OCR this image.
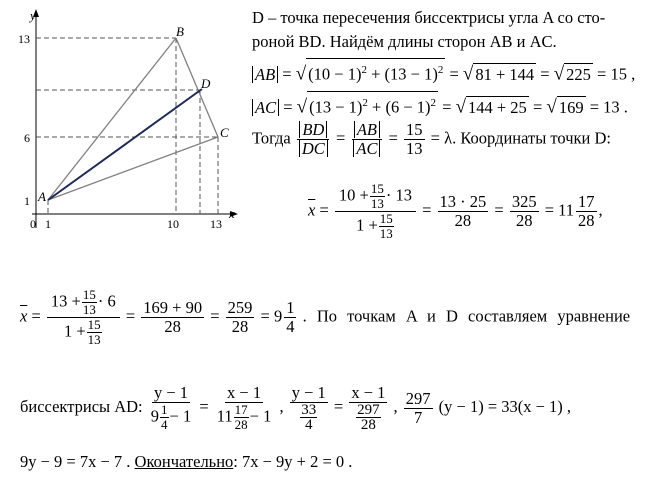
y
x
0
13
6
1
1	10	13
A
B
C
D
D – точка пересечения биссектрисы угла A со сто-
роной BD. Найдём длины сторон AB и AC.
AB = √ $(10 - 1)^2 + (13 - 1)^2$ = √ 81 + 144 = √ 225 = 15 ,
AC = √ $(13 - 1)^2 + (6 - 1)^2$ = √ 144 + 25 = √ 169 = 13 .
Тогда $\frac{BD}{DC} = \frac{AB}{AC} = \frac{15}{13} = \lambda$. Координаты точки D:
$\overline{x} = \frac{10 + \frac{15}{13} \cdot 13}{1 + \frac{15}{13}} = \frac{13 \cdot 25}{28} = \frac{325}{28} = 11 \frac{17}{28}$ ,
$\overline{x} = \frac{13 + \frac{15}{13} \cdot 6}{1 + \frac{15}{13}} = \frac{169 + 90}{28} = \frac{259}{28} = 9 \frac{1}{4}$ . По точкам A и D составляем уравнение
биссектрисы AD: $\frac{y - 1}{9 \frac{1}{4} - 1} = \frac{x - 1}{11 \frac{17}{28} - 1}$ , $\frac{y - 1}{\frac{33}{4}} = \frac{x - 1}{\frac{297}{28}}$ , $\frac{297}{7} (y - 1) = 33(x - 1)$ ,
9y − 9 = 7x − 7 . Окончательно: 7x − 9y + 2 = 0 .
